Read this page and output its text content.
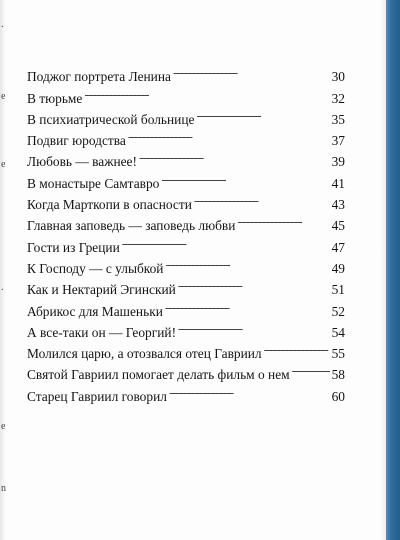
.
e
e
.
e
n
Поджог портрета Ленина . . .	30
В тюрьме . . .	32
В психиатрической больнице . . .	35
Подвиг юродства . . .	37
Любовь — важнее! . . .	39
В монастыре Самтавро . . .	41
Когда Марткопи в опасности . . .	43
Главная заповедь — заповедь любви . . .	45
Гости из Греции . . .	47
К Господу — с улыбкой . . .	49
Как и Нектарий Эгинский . . .	51
Абрикос для Машеньки . . .	52
А все-таки он — Георгий! . . .	54
Молился царю, а отозвался отец Гавриил . . .	55
Святой Гавриил помогает делать фильм о нем . . .	58
Старец Гавриил говорил . . .	60
